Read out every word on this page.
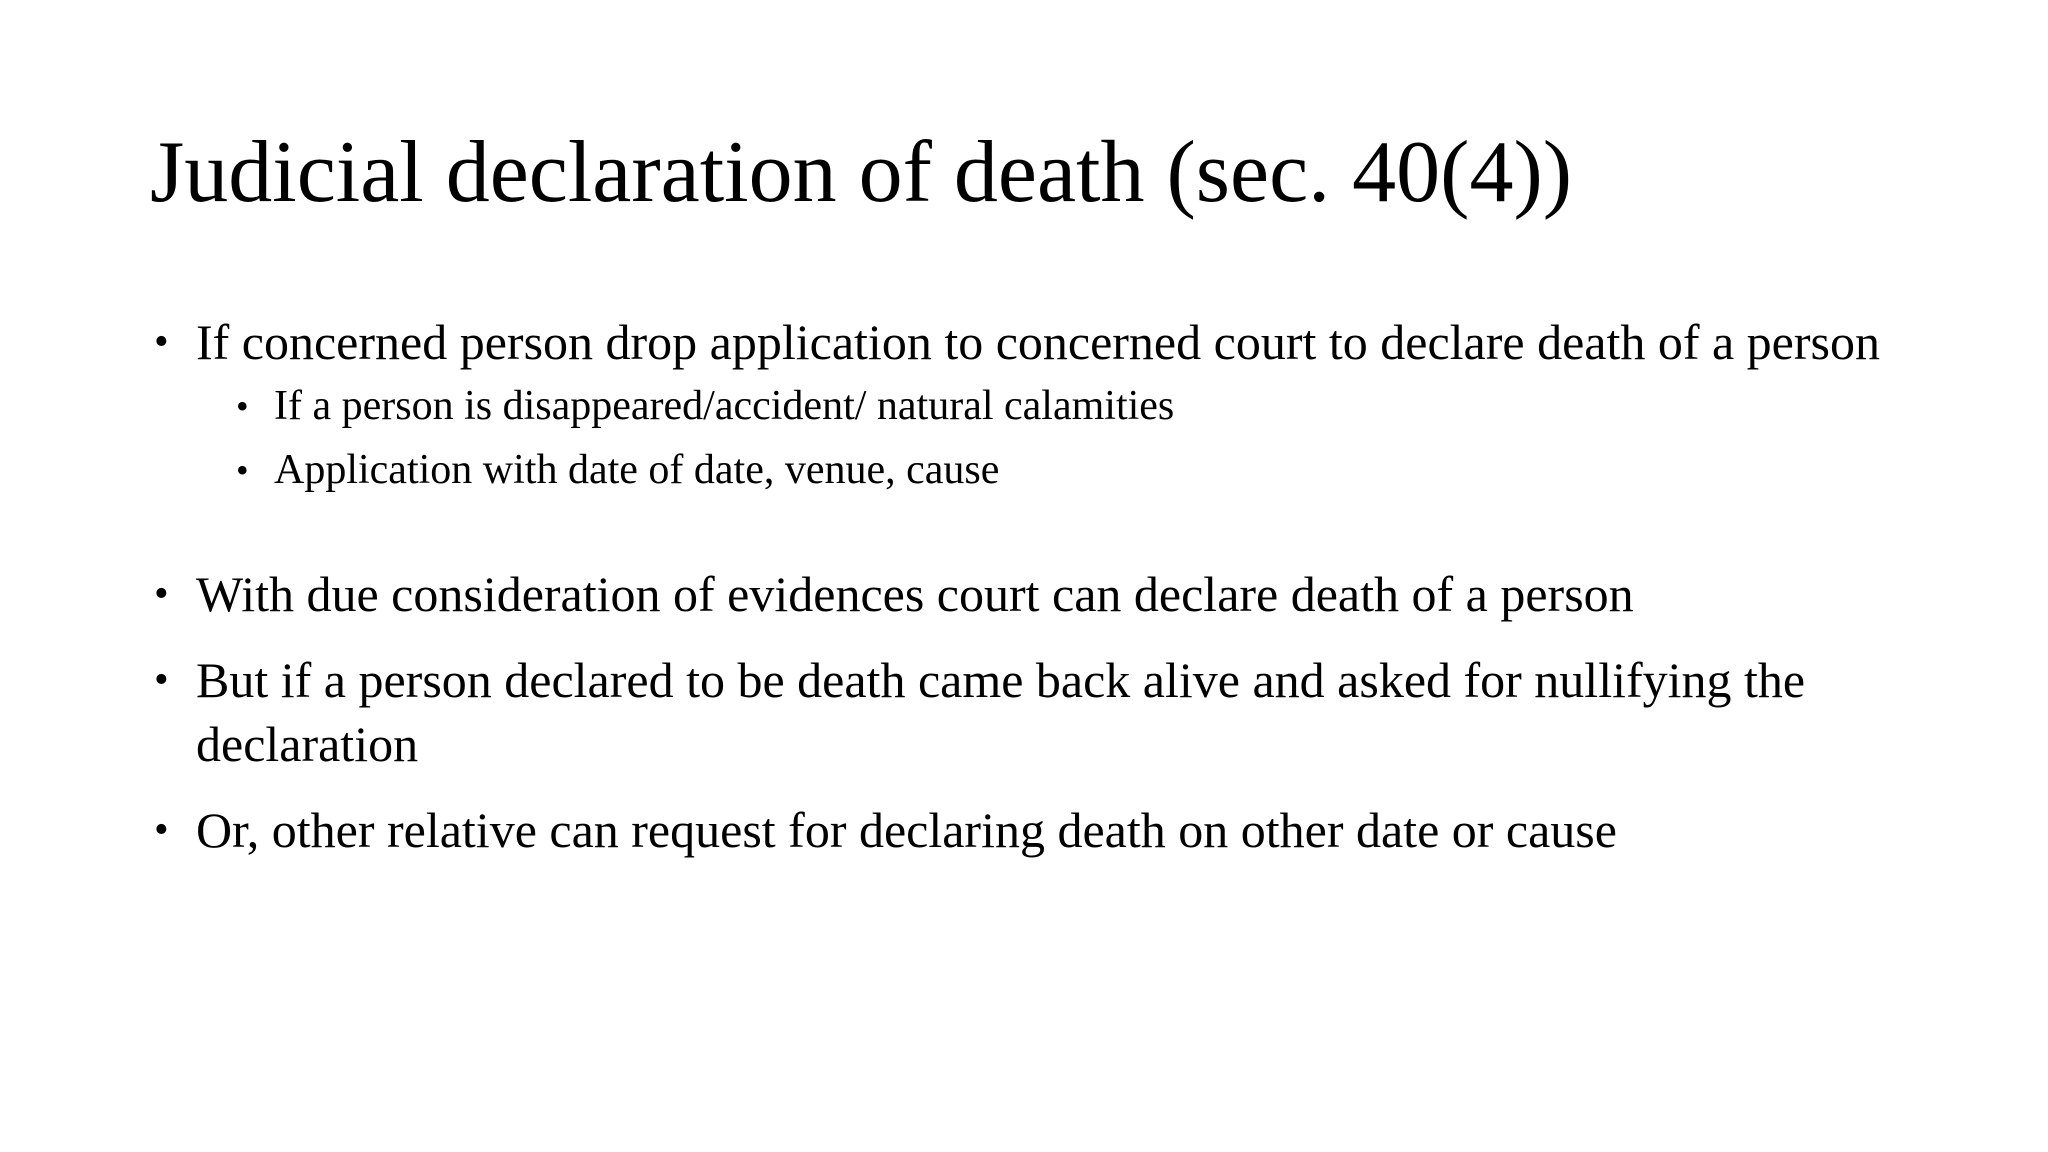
Judicial declaration of death (sec. 40(4))
• If concerned person drop application to concerned court to declare death of a person
• If a person is disappeared/accident/ natural calamities
• Application with date of date, venue, cause
• With due consideration of evidences court can declare death of a person
• But if a person declared to be death came back alive and asked for nullifying the declaration
• Or, other relative can request for declaring death on other date or cause
